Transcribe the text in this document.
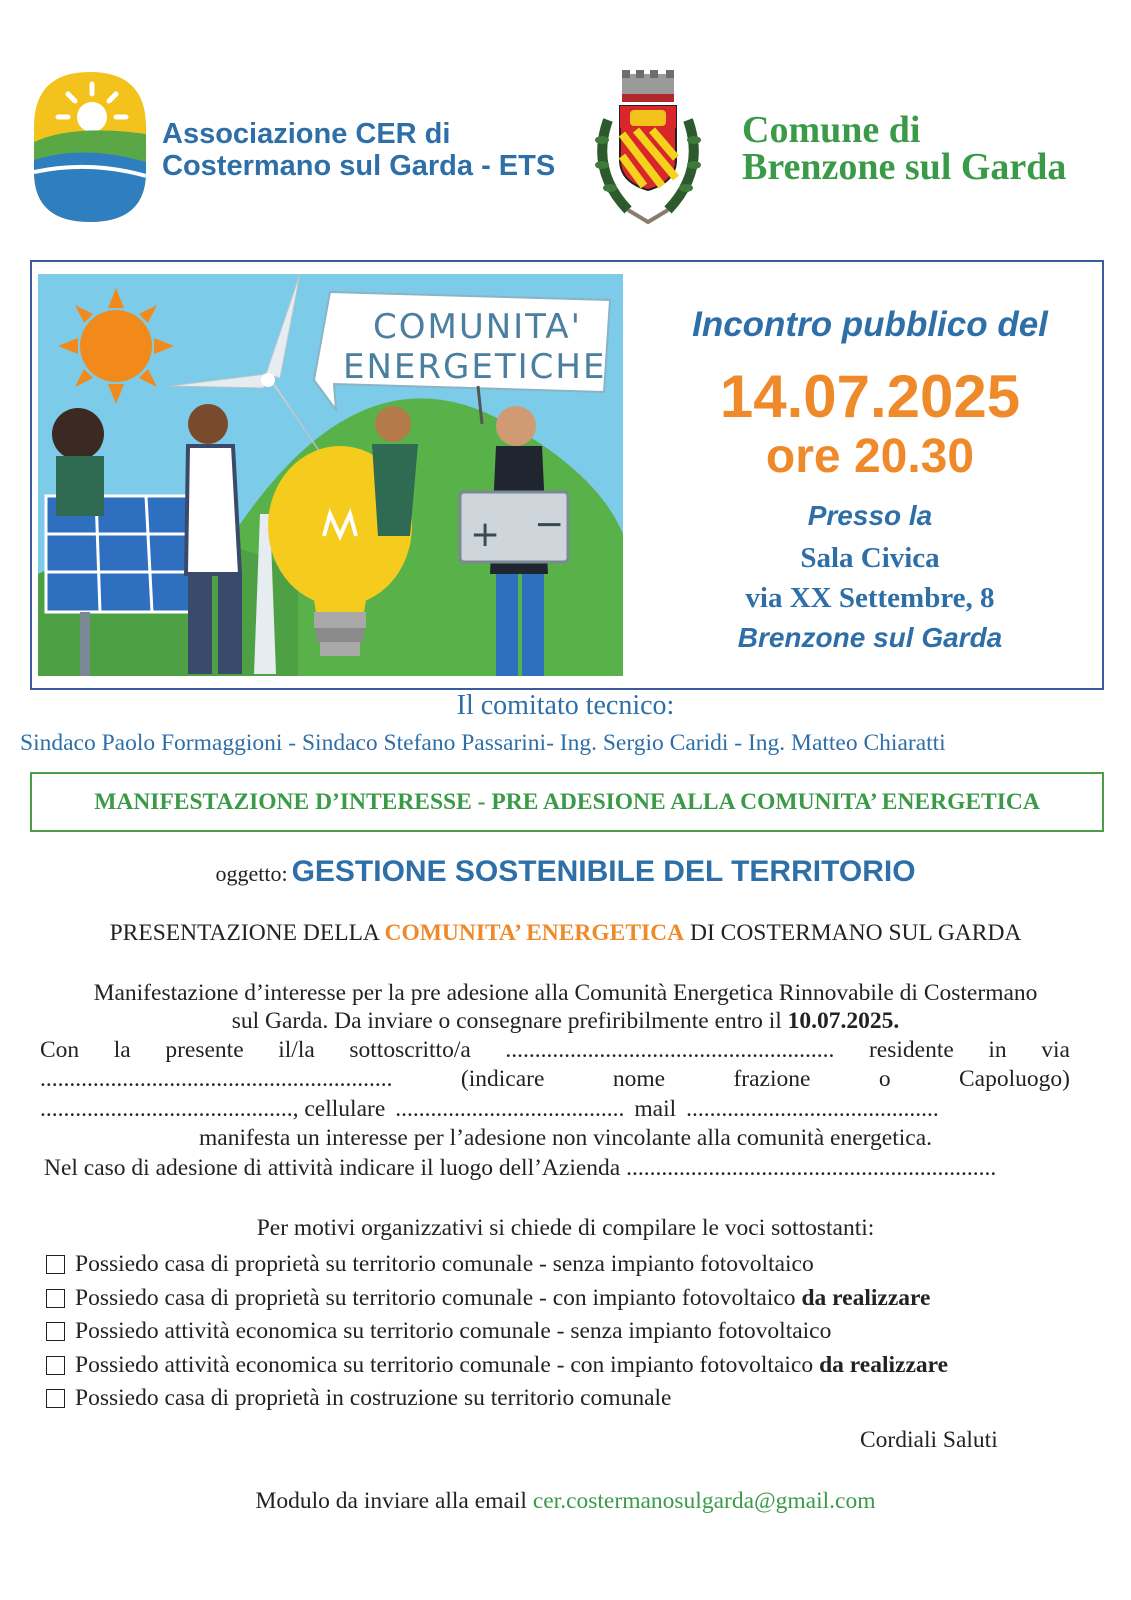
Associazione CER di
Costermano sul Garda - ETS
Comune di
Brenzone sul Garda
COMUNITA'
ENERGETICHE
+ −
Incontro pubblico del
14.07.2025
ore 20.30
Presso la
Sala Civica
via XX Settembre, 8
Brenzone sul Garda
Il comitato tecnico:
Sindaco Paolo Formaggioni - Sindaco Stefano Passarini- Ing. Sergio Caridi - Ing. Matteo Chiaratti
MANIFESTAZIONE D’INTERESSE - PRE ADESIONE ALLA COMUNITA’ ENERGETICA
oggetto: GESTIONE SOSTENIBILE DEL TERRITORIO
PRESENTAZIONE DELLA COMUNITA’ ENERGETICA DI COSTERMANO SUL GARDA
Manifestazione d’interesse per la pre adesione alla Comunità Energetica Rinnovabile di Costermano
sul Garda. Da inviare o consegnare prefiribilmente entro il 10.07.2025.
Con la presente il/la sottoscritto/a ........................................................ residente in via
............................................................	(indicare	nome	frazione	o	Capoluogo)
..........................................., cellulare ....................................... mail ...........................................
manifesta un interesse per l’adesione non vincolante alla comunità energetica.
Nel caso di adesione di attività indicare il luogo dell’Azienda ...............................................................
Per motivi organizzativi si chiede di compilare le voci sottostanti:
Possiedo casa di proprietà su territorio comunale - senza impianto fotovoltaico
Possiedo casa di proprietà su territorio comunale - con impianto fotovoltaico da realizzare
Possiedo attività economica su territorio comunale - senza impianto fotovoltaico
Possiedo attività economica su territorio comunale - con impianto fotovoltaico da realizzare
Possiedo casa di proprietà in costruzione su territorio comunale
Cordiali Saluti
Modulo da inviare alla email cer.costermanosulgarda@gmail.com
